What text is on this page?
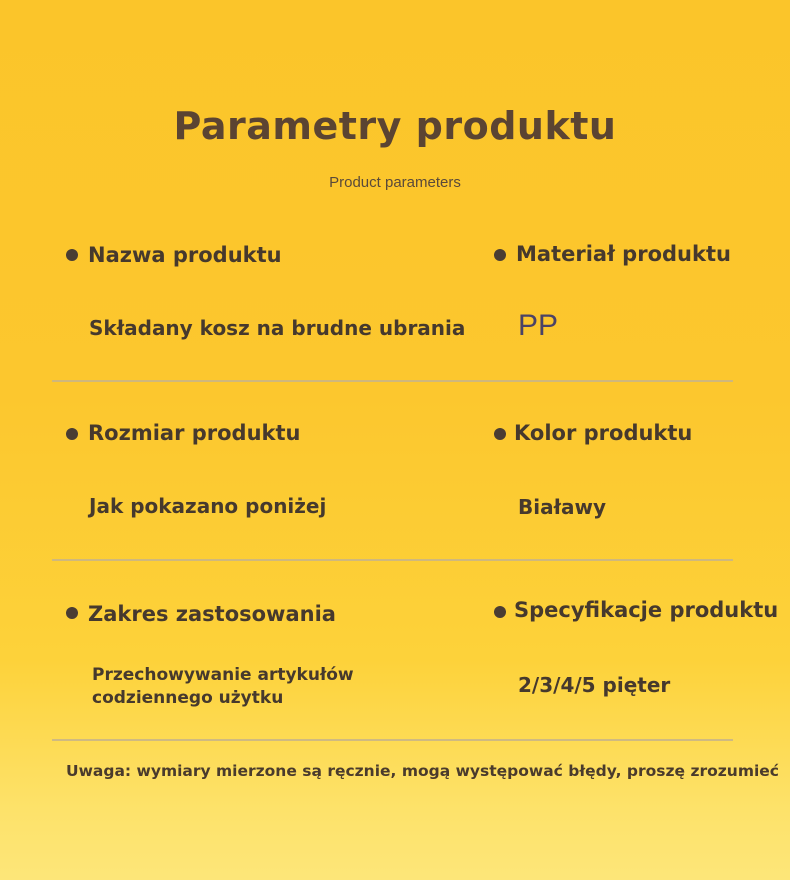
Parametry produktu
Product parameters
Nazwa produktu
Składany kosz na brudne ubrania
Materiał produktu
PP
Rozmiar produktu
Jak pokazano poniżej
Kolor produktu
Białawy
Zakres zastosowania
Przechowywanie artykułów
codziennego użytku
Specyfikacje produktu
2/3/4/5 pięter
Uwaga: wymiary mierzone są ręcznie, mogą występować błędy, proszę zrozumieć
